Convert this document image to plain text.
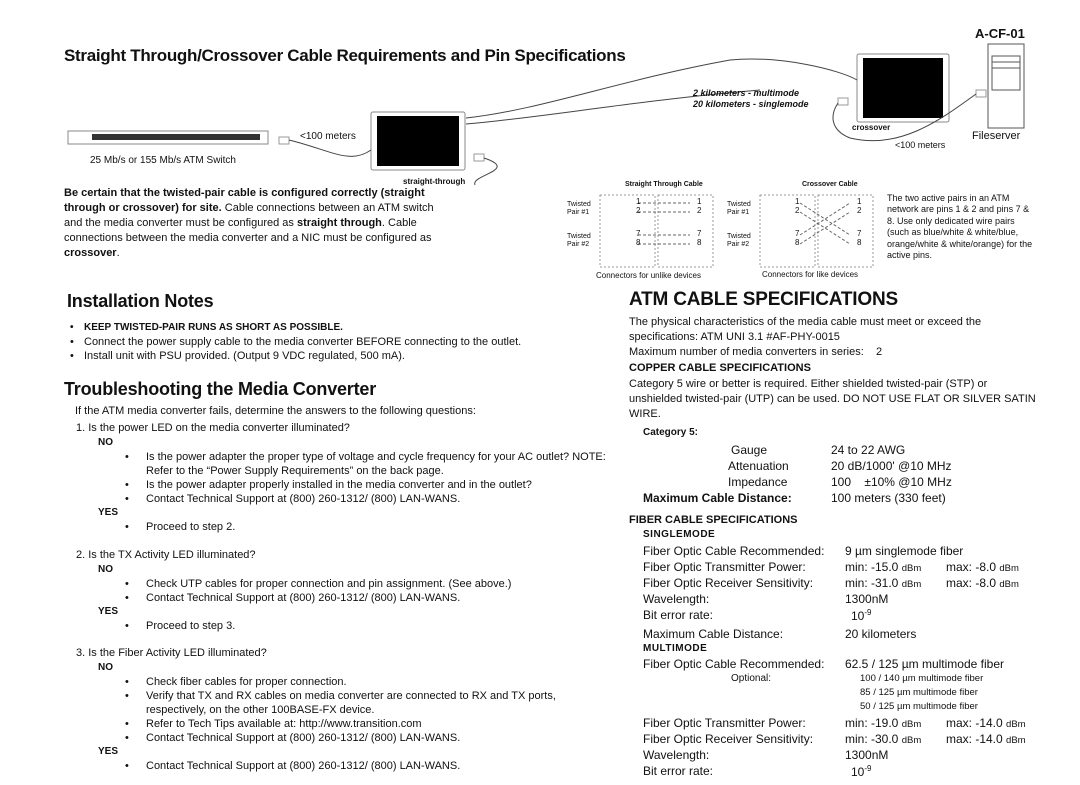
A-CF-01
Straight Through/Crossover Cable Requirements and Pin Specifications
<100 meters
25 Mb/s or 155 Mb/s ATM Switch
2 kilometers - multimode
20 kilometers - singlemode
straight-through
crossover
Fileserver
<100 meters
Straight Through Cable	Crossover Cable
Twisted Pair #1
Twisted Pair #2
Twisted Pair #1
Twisted Pair #2
1
2
7
8
1
2
7
8
1
2
7
8
1
2
7
8
Connectors for unlike devices	Connectors for like devices
The two active pairs in an ATM network are pins 1 & 2 and pins 7 & 8. Use only dedicated wire pairs (such as blue/white & white/blue, orange/white & white/orange) for the active pins.
Be certain that the twisted-pair cable is configured correctly (straight through or crossover) for site. Cable connections between an ATM switch and the media converter must be configured as straight through. Cable connections between the media converter and a NIC must be configured as crossover.
Installation Notes
• KEEP TWISTED-PAIR RUNS AS SHORT AS POSSIBLE.
• Connect the power supply cable to the media converter BEFORE connecting to the outlet.
• Install unit with PSU provided. (Output 9 VDC regulated, 500 mA).
Troubleshooting the Media Converter
If the ATM media converter fails, determine the answers to the following questions:
1. Is the power LED on the media converter illuminated?
NO
• Is the power adapter the proper type of voltage and cycle frequency for your AC outlet? NOTE: Refer to the “Power Supply Requirements” on the back page.
• Is the power adapter properly installed in the media converter and in the outlet?
• Contact Technical Support at (800) 260-1312/ (800) LAN-WANS.
YES
• Proceed to step 2.
2. Is the TX Activity LED illuminated?
NO
• Check UTP cables for proper connection and pin assignment. (See above.)
• Contact Technical Support at (800) 260-1312/ (800) LAN-WANS.
YES
• Proceed to step 3.
3. Is the Fiber Activity LED illuminated?
NO
• Check fiber cables for proper connection.
• Verify that TX and RX cables on media converter are connected to RX and TX ports, respectively, on the other 100BASE-FX device.
• Refer to Tech Tips available at: http://www.transition.com
• Contact Technical Support at (800) 260-1312/ (800) LAN-WANS.
YES
• Contact Technical Support at (800) 260-1312/ (800) LAN-WANS.
ATM CABLE SPECIFICATIONS
The physical characteristics of the media cable must meet or exceed the specifications: ATM UNI 3.1 #AF-PHY-0015
Maximum number of media converters in series: 2
COPPER CABLE SPECIFICATIONS
Category 5 wire or better is required. Either shielded twisted-pair (STP) or unshielded twisted-pair (UTP) can be used. DO NOT USE FLAT OR SILVER SATIN WIRE.
Category 5:
Gauge	24 to 22 AWG
Attenuation	20 dB/1000' @10 MHz
Impedance	100    ±10% @10 MHz
Maximum Cable Distance:	100 meters (330 feet)
FIBER CABLE SPECIFICATIONS
SINGLEMODE
Fiber Optic Cable Recommended: 9 µm singlemode fiber
Fiber Optic Transmitter Power:	min: -15.0 dBm max: -8.0 dBm
Fiber Optic Receiver Sensitivity:	min: -31.0 dBm max: -8.0 dBm
Wavelength:	1300nM
Bit error rate:	$10^{-9}$
Maximum Cable Distance:	20 kilometers
MULTIMODE
Fiber Optic Cable Recommended: 62.5 / 125 µm multimode fiber
Optional:	100 / 140 µm multimode fiber
85 / 125 µm multimode fiber
50 / 125 µm multimode fiber
Fiber Optic Transmitter Power:	min: -19.0 dBm max: -14.0 dBm
Fiber Optic Receiver Sensitivity:	min: -30.0 dBm max: -14.0 dBm
Wavelength:	1300nM
Bit error rate:	$10^{-9}$
